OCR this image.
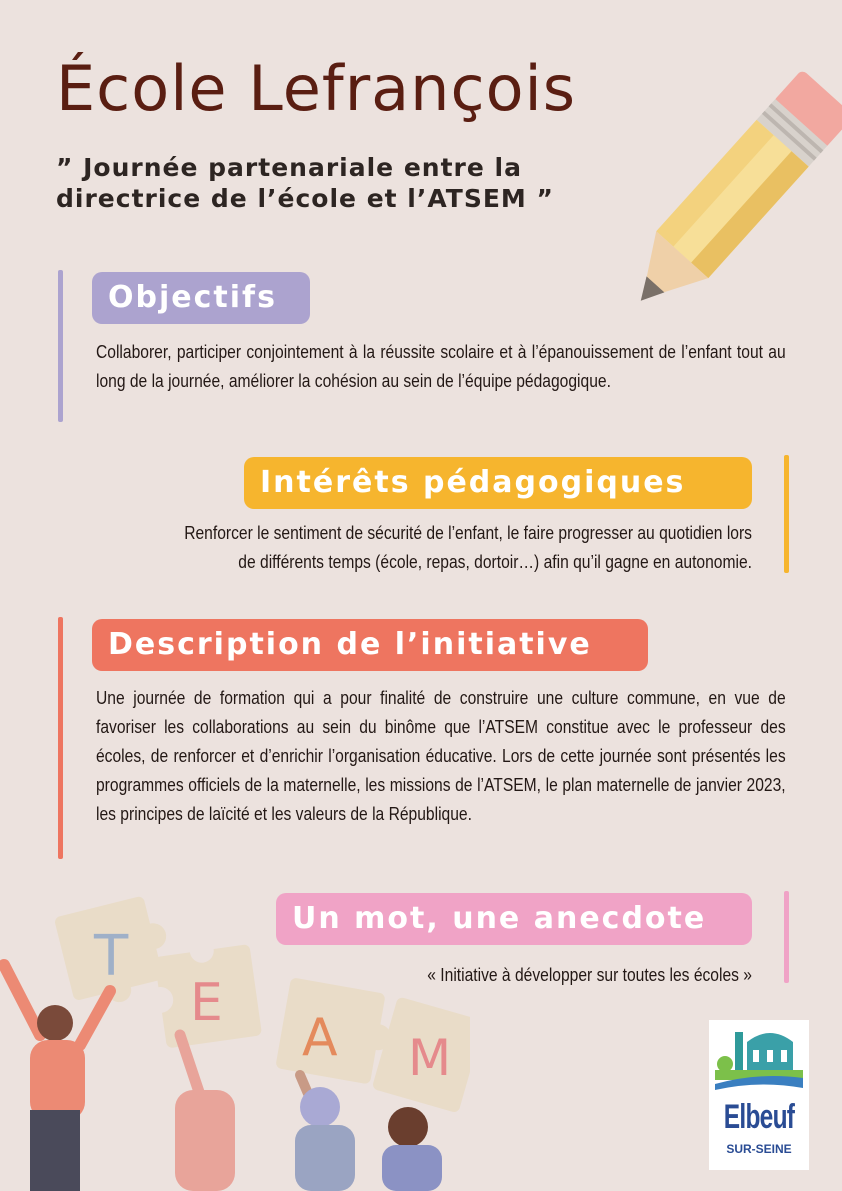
École Lefrançois
” Journée partenariale entre la
directrice de l’école et l’ATSEM ”
Objectifs

Collaborer, participer conjointement à la réussite scolaire et à l’épanouissement de l’enfant tout au long de la journée, améliorer la cohésion au sein de l’équipe pédagogique.

Intérêts pédagogiques
Renforcer le sentiment de sécurité de l’enfant, le faire progresser au quotidien lors
de différents temps (école, repas, dortoir…) afin qu’il gagne en autonomie.
Description de l’initiative

Une journée de formation qui a pour finalité de construire une culture commune, en vue de favoriser les collaborations au sein du binôme que l’ATSEM constitue avec le professeur des écoles, de renforcer et d’enrichir l’organisation éducative. Lors de cette journée sont présentés les programmes officiels de la maternelle, les missions de l’ATSEM, le plan maternelle de janvier 2023, les principes de laïcité et les valeurs de la République.

Un mot, une anecdote
« Initiative à développer sur toutes les écoles »
T
E
A M
Elbeuf
SUR-SEINE
